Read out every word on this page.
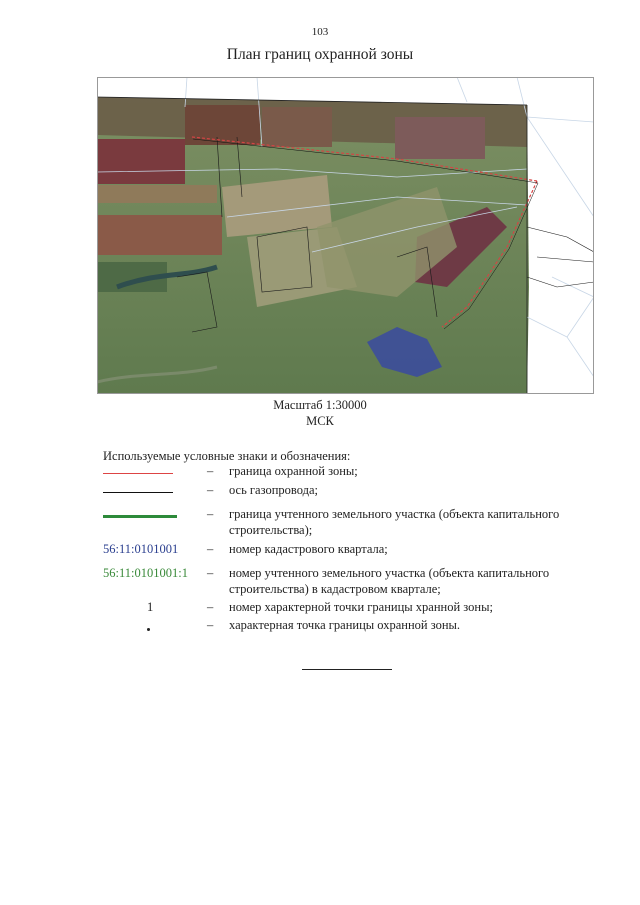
103
План границ охранной зоны
Масштаб 1:30000
МСК
Используемые условные знаки и обозначения:
– граница охранной зоны;
– ось газопровода;
– граница учтенного земельного участка (объекта капитального строительства);
56:11:0101001	– номер кадастрового квартала;
56:11:0101001:1	– номер учтенного земельного участка (объекта капитального строительства) в кадастровом квартале;
1	– номер характерной точки границы хранной зоны;
– характерная точка границы охранной зоны.
